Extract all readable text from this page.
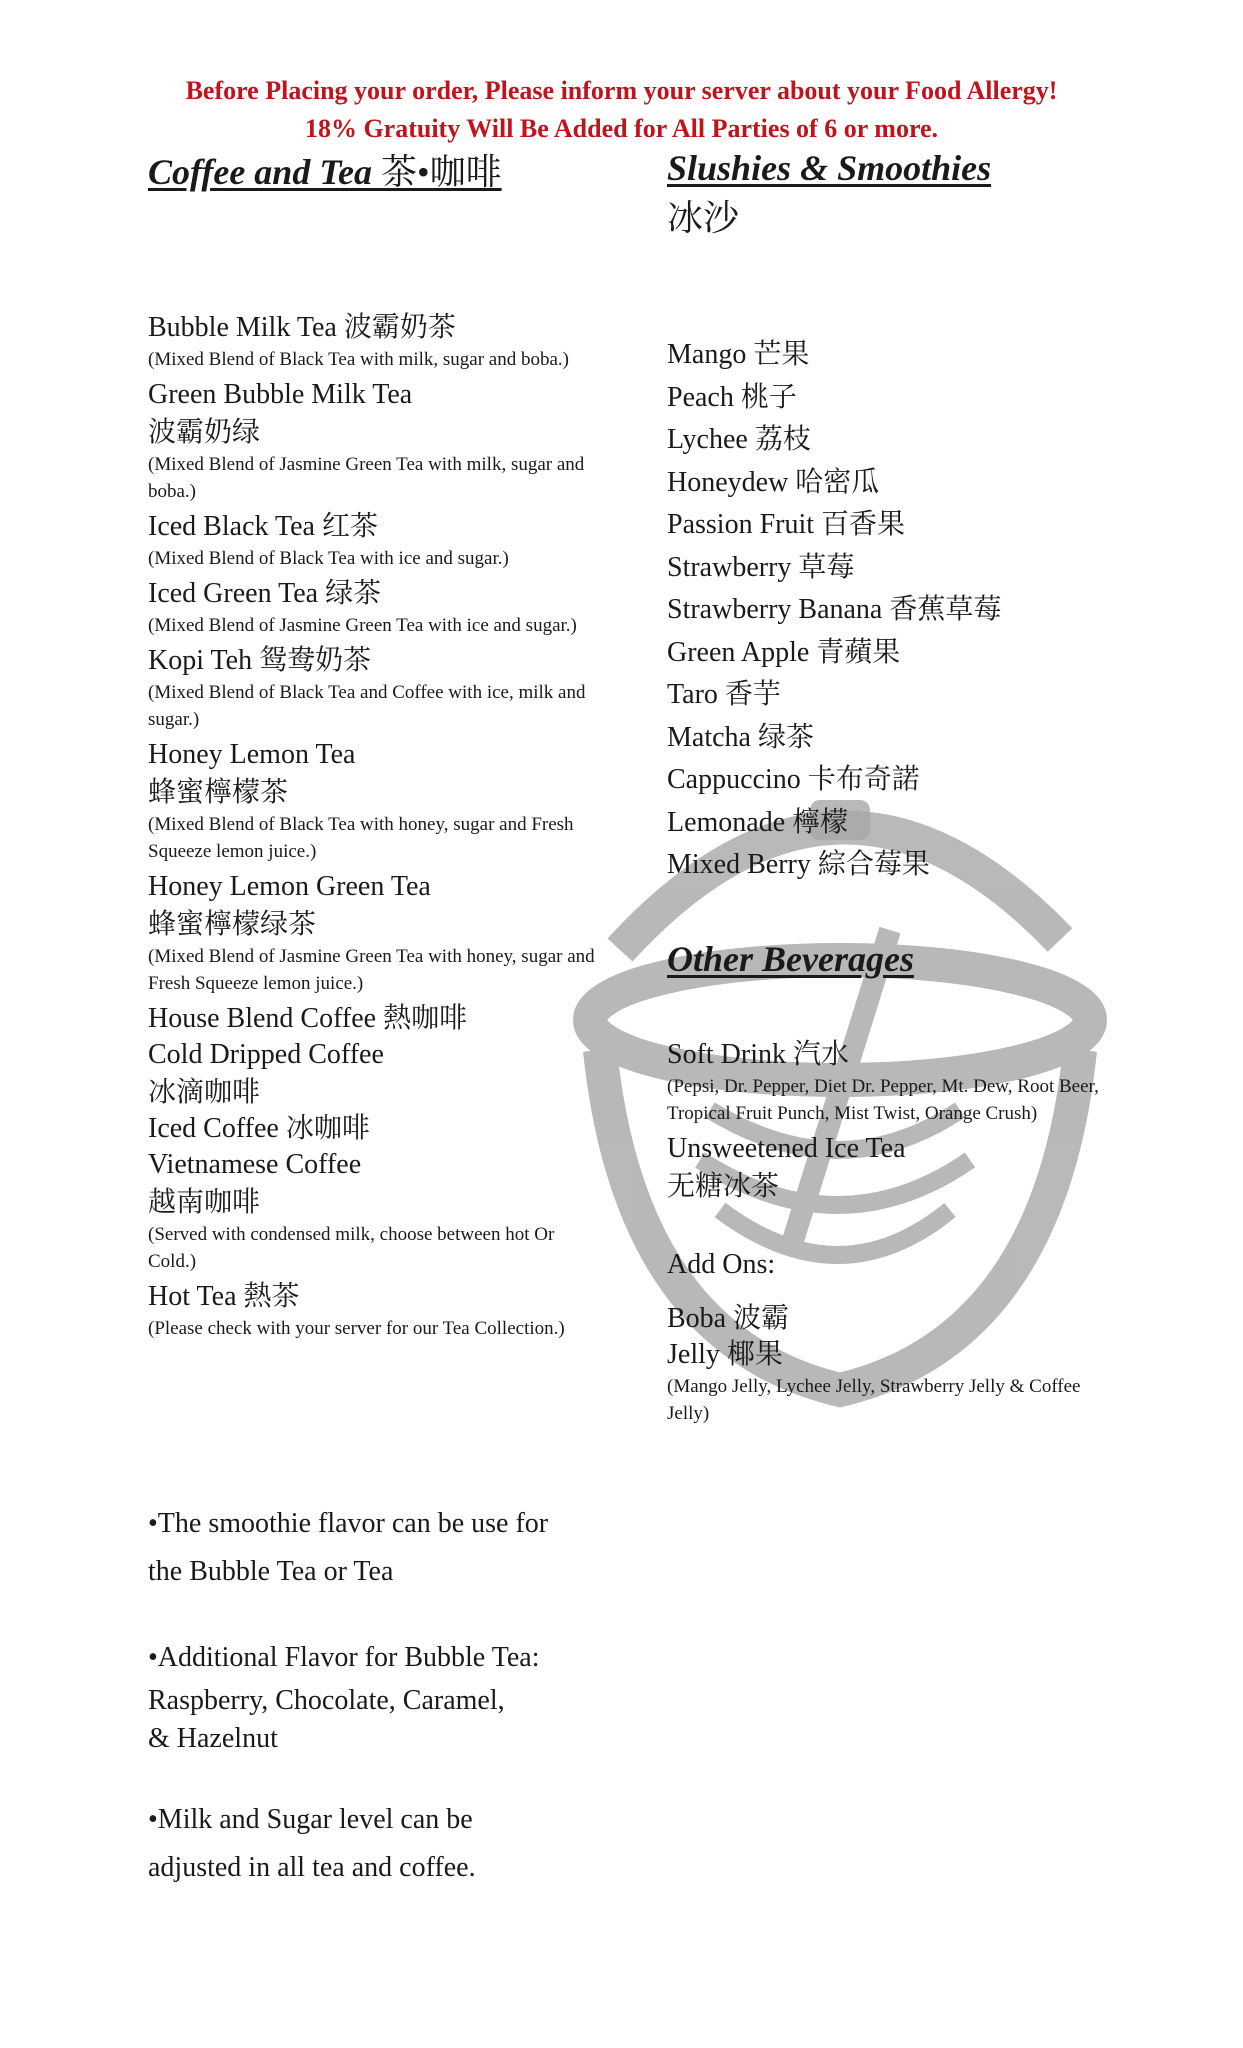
Before Placing your order, Please inform your server about your Food Allergy!
18% Gratuity Will Be Added for All Parties of 6 or more.
Coffee and Tea 茶•咖啡

Bubble Milk Tea 波霸奶茶

(Mixed Blend of Black Tea with milk, sugar and boba.)

Green Bubble Milk Tea

波霸奶绿

(Mixed Blend of Jasmine Green Tea with milk, sugar and boba.)

Iced Black Tea 红茶

(Mixed Blend of Black Tea with ice and sugar.)

Iced Green Tea 绿茶

(Mixed Blend of Jasmine Green Tea with ice and sugar.)

Kopi Teh 鸳鸯奶茶

(Mixed Blend of Black Tea and Coffee with ice, milk and sugar.)

Honey Lemon Tea

蜂蜜檸檬茶

(Mixed Blend of Black Tea with honey, sugar and Fresh Squeeze lemon juice.)

Honey Lemon Green Tea

蜂蜜檸檬绿茶

(Mixed Blend of Jasmine Green Tea with honey, sugar and Fresh Squeeze lemon juice.)

House Blend Coffee 熱咖啡

Cold Dripped Coffee

冰滴咖啡

Iced Coffee 冰咖啡

Vietnamese Coffee

越南咖啡

(Served with condensed milk, choose between hot Or Cold.)

Hot Tea 熱茶

(Please check with your server for our Tea Collection.)

Slushies & Smoothies

冰沙

Mango 芒果

Peach 桃子

Lychee 荔枝

Honeydew 哈密瓜

Passion Fruit 百香果

Strawberry 草莓

Strawberry Banana 香蕉草莓

Green Apple 青蘋果

Taro 香芋

Matcha 绿茶

Cappuccino 卡布奇諾

Lemonade 檸檬

Mixed Berry 綜合莓果

Other Beverages

Soft Drink 汽水

(Pepsi, Dr. Pepper, Diet Dr. Pepper, Mt. Dew, Root Beer, Tropical Fruit Punch, Mist Twist, Orange Crush)

Unsweetened Ice Tea

无糖冰茶

Add Ons:

Boba 波霸

Jelly 椰果

(Mango Jelly, Lychee Jelly, Strawberry Jelly & Coffee Jelly)

•The smoothie flavor can be use for

the Bubble Tea or Tea

•Additional Flavor for Bubble Tea:

Raspberry, Chocolate, Caramel,

& Hazelnut

•Milk and Sugar level can be

adjusted in all tea and coffee.
